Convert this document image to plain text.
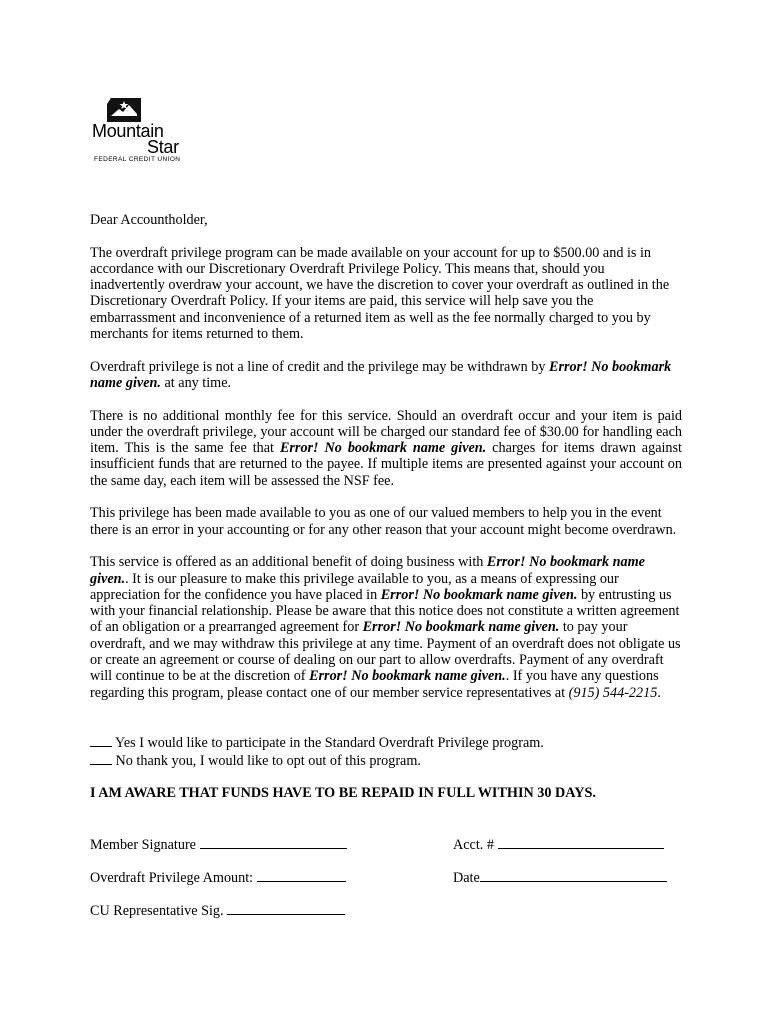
Mountain
Star
FEDERAL CREDIT UNION

Dear Accountholder,

The overdraft privilege program can be made available on your account for up to $500.00 and is in accordance with our Discretionary Overdraft Privilege Policy. This means that, should you inadvertently overdraw your account, we have the discretion to cover your overdraft as outlined in the Discretionary Overdraft Policy. If your items are paid, this service will help save you the embarrassment and inconvenience of a returned item as well as the fee normally charged to you by merchants for items returned to them.

Overdraft privilege is not a line of credit and the privilege may be withdrawn by Error! No bookmark name given. at any time.

There is no additional monthly fee for this service. Should an overdraft occur and your item is paid under the overdraft privilege, your account will be charged our standard fee of $30.00 for handling each item. This is the same fee that Error! No bookmark name given. charges for items drawn against insufficient funds that are returned to the payee. If multiple items are presented against your account on the same day, each item will be assessed the NSF fee.

This privilege has been made available to you as one of our valued members to help you in the event there is an error in your accounting or for any other reason that your account might become overdrawn.

This service is offered as an additional benefit of doing business with Error! No bookmark name given.. It is our pleasure to make this privilege available to you, as a means of expressing our appreciation for the confidence you have placed in Error! No bookmark name given. by entrusting us with your financial relationship. Please be aware that this notice does not constitute a written agreement of an obligation or a prearranged agreement for Error! No bookmark name given. to pay your overdraft, and we may withdraw this privilege at any time. Payment of an overdraft does not obligate us or create an agreement or course of dealing on our part to allow overdrafts. Payment of any overdraft will continue to be at the discretion of Error! No bookmark name given.. If you have any questions regarding this program, please contact one of our member service representatives at (915) 544-2215.

Yes I would like to participate in the Standard Overdraft Privilege program.

No thank you, I would like to opt out of this program.

I AM AWARE THAT FUNDS HAVE TO BE REPAID IN FULL WITHIN 30 DAYS.

Member Signature	Acct. #
Overdraft Privilege Amount:	Date
CU Representative Sig.
